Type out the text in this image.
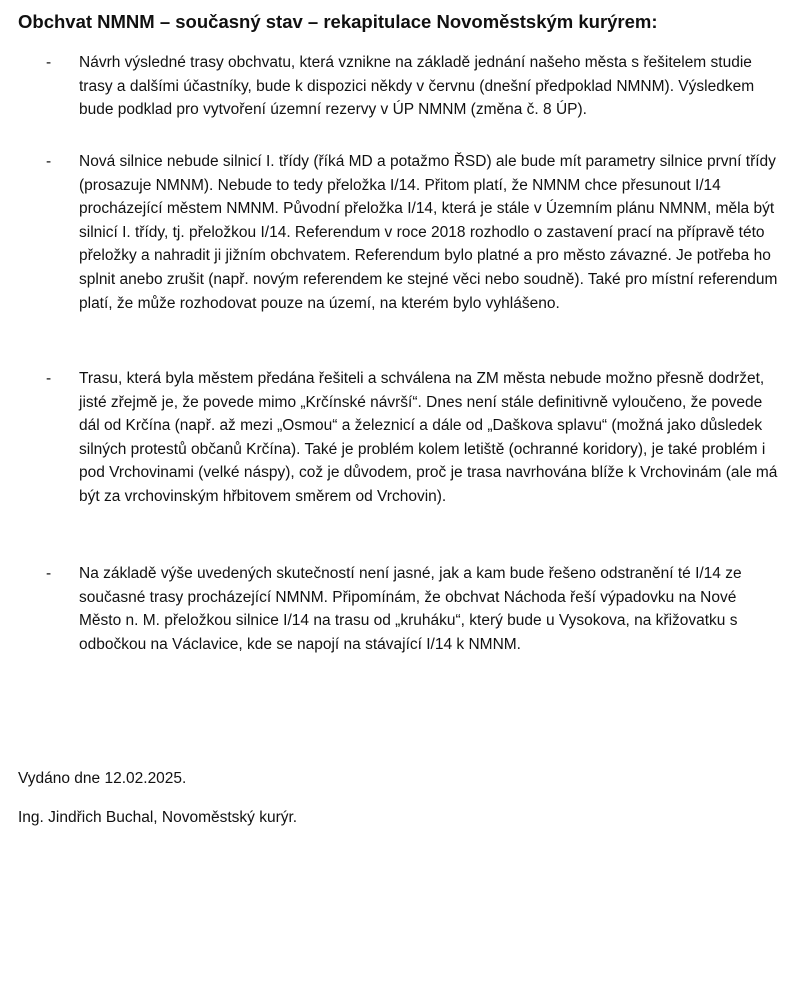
Obchvat NMNM – současný stav – rekapitulace Novoměstským kurýrem:
- Návrh výsledné trasy obchvatu, která vznikne na základě jednání našeho města s řešitelem studie trasy a dalšími účastníky, bude k dispozici někdy v červnu (dnešní předpoklad NMNM). Výsledkem bude podklad pro vytvoření územní rezervy v ÚP NMNM (změna č. 8 ÚP).

- Nová silnice nebude silnicí I. třídy (říká MD a potažmo ŘSD) ale bude mít parametry silnice první třídy (prosazuje NMNM). Nebude to tedy přeložka I/14. Přitom platí, že NMNM chce přesunout I/14 procházející městem NMNM. Původní přeložka I/14, která je stále v Územním plánu NMNM, měla být silnicí I. třídy, tj. přeložkou I/14. Referendum v roce 2018 rozhodlo o zastavení prací na přípravě této přeložky a nahradit ji jižním obchvatem. Referendum bylo platné a pro město závazné. Je potřeba ho splnit anebo zrušit (např. novým referendem ke stejné věci nebo soudně). Také pro místní referendum platí, že může rozhodovat pouze na území, na kterém bylo vyhlášeno.

- Trasu, která byla městem předána řešiteli a schválena na ZM města nebude možno přesně dodržet, jisté zřejmě je, že povede mimo „Krčínské návrší“. Dnes není stále definitivně vyloučeno, že povede dál od Krčína (např. až mezi „Osmou“ a železnicí a dále od „Daškova splavu“ (možná jako důsledek silných protestů občanů Krčína). Také je problém kolem letiště (ochranné koridory), je také problém i pod Vrchovinami (velké náspy), což je důvodem, proč je trasa navrhována blíže k Vrchovinám (ale má být za vrchovinským hřbitovem směrem od Vrchovin).

- Na základě výše uvedených skutečností není jasné, jak a kam bude řešeno odstranění té I/14 ze současné trasy procházející NMNM. Připomínám, že obchvat Náchoda řeší výpadovku na Nové Město n. M. přeložkou silnice I/14 na trasu od „kruháku“, který bude u Vysokova, na křižovatku s odbočkou na Václavice, kde se napojí na stávající I/14 k NMNM.

Vydáno dne 12.02.2025.
Ing. Jindřich Buchal, Novoměstský kurýr.
